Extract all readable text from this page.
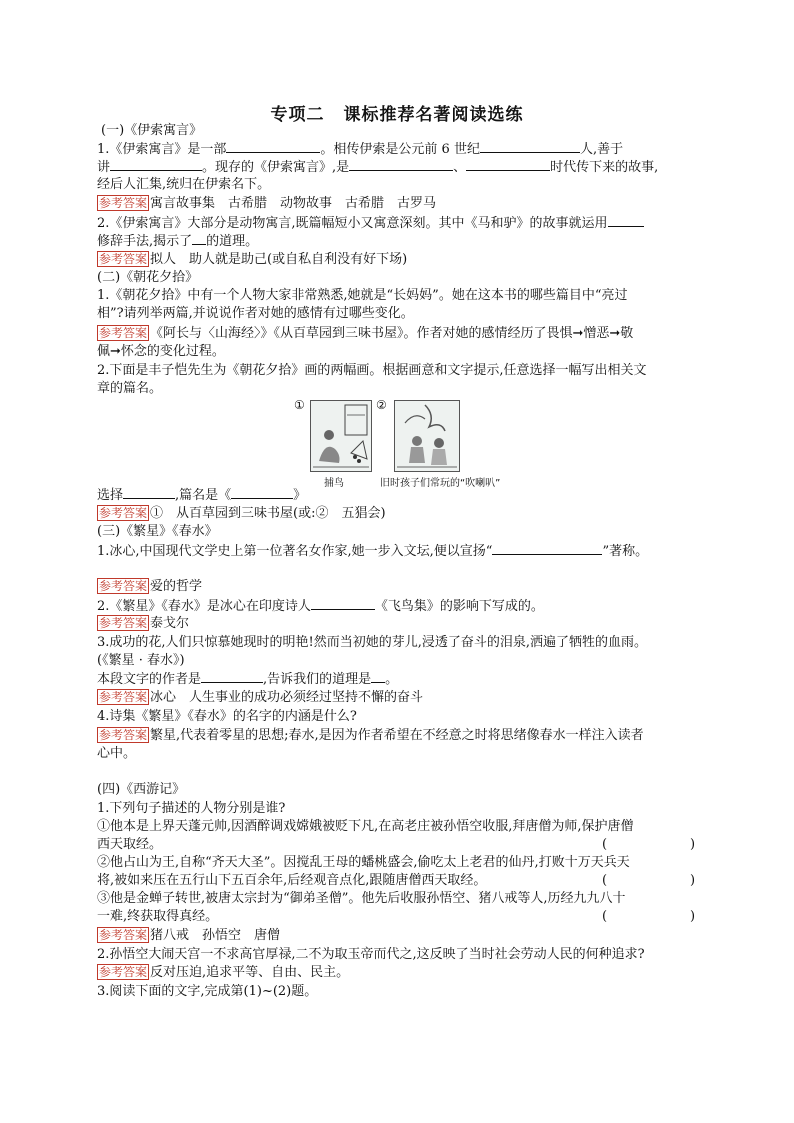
专项二 课标推荐名著阅读选练
(一)《伊索寓言》
1.《伊索寓言》是一部	。相传伊索是公元前 6 世纪	人,善于
讲	。现存的《伊索寓言》,是	、	时代传下来的故事,
经后人汇集,统归在伊索名下。
参考答案 寓言故事集　古希腊　动物故事　古希腊　古罗马
2.《伊索寓言》大部分是动物寓言,既篇幅短小又寓意深刻。其中《马和驴》的故事就运用
修辞手法,揭示了 的道理。
参考答案 拟人　助人就是助己(或自私自利没有好下场)
(二)《朝花夕拾》
1.《朝花夕拾》中有一个人物大家非常熟悉,她就是“长妈妈”。她在这本书的哪些篇目中“亮过
相”?请列举两篇,并说说作者对她的感情有过哪些变化。
参考答案 《阿长与〈山海经〉》《从百草园到三味书屋》。作者对她的感情经历了畏惧➞憎恶➞敬
佩➞怀念的变化过程。
2.下面是丰子恺先生为《朝花夕拾》画的两幅画。根据画意和文字提示,任意选择一幅写出相关文
章的篇名。
①	②
捕鸟	旧时孩子们常玩的“吹喇叭”
选择	,篇名是《	》
参考答案 ①　从百草园到三味书屋(或:②　五猖会)
(三)《繁星》《春水》
1.冰心,中国现代文学史上第一位著名女作家,她一步入文坛,便以宣扬“	”著称。
参考答案 爱的哲学
2.《繁星》《春水》是冰心在印度诗人	《飞鸟集》的影响下写成的。
参考答案 泰戈尔
3.成功的花,人们只惊慕她现时的明艳!然而当初她的芽儿,浸透了奋斗的泪泉,洒遍了牺牲的血雨。
(《繁星 · 春水》)
本段文字的作者是	,告诉我们的道理是 。
参考答案 冰心　人生事业的成功必须经过坚持不懈的奋斗
4.诗集《繁星》《春水》的名字的内涵是什么?
参考答案 繁星,代表着零星的思想;春水,是因为作者希望在不经意之时将思绪像春水一样注入读者
心中。
(四)《西游记》
1.下列句子描述的人物分别是谁?
①他本是上界天蓬元帅,因酒醉调戏嫦娥被贬下凡,在高老庄被孙悟空收服,拜唐僧为师,保护唐僧
西天取经。	(	)
②他占山为王,自称“齐天大圣”。因搅乱王母的蟠桃盛会,偷吃太上老君的仙丹,打败十万天兵天
将,被如来压在五行山下五百余年,后经观音点化,跟随唐僧西天取经。	(	)
③他是金蝉子转世,被唐太宗封为“御弟圣僧”。他先后收服孙悟空、猪八戒等人,历经九九八十
一难,终获取得真经。	(	)
参考答案 猪八戒　孙悟空　唐僧
2.孙悟空大闹天宫一不求高官厚禄,二不为取玉帝而代之,这反映了当时社会劳动人民的何种追求?
参考答案 反对压迫,追求平等、自由、民主。
3.阅读下面的文字,完成第(1)~(2)题。
